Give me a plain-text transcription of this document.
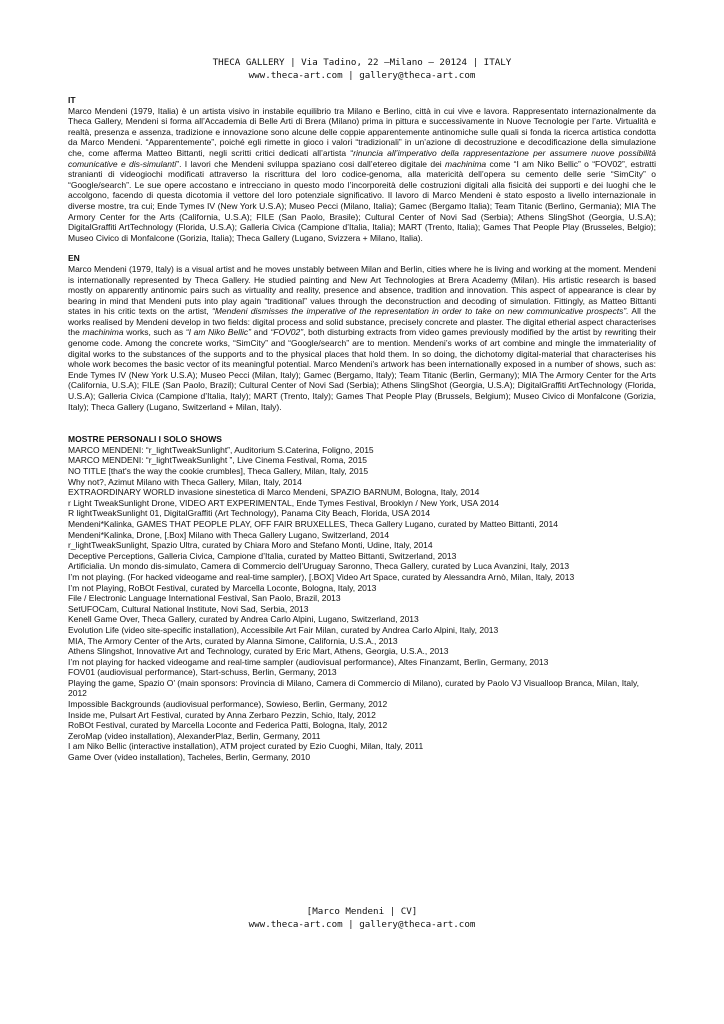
THECA GALLERY | Via Tadino, 22 —Milano — 20124 | ITALY
www.theca-art.com | gallery@theca-art.com
IT

Marco Mendeni (1979, Italia) è un artista visivo in instabile equilibrio tra Milano e Berlino, città in cui vive e lavora. Rappresentato internazionalmente da Theca Gallery, Mendeni si forma all’Accademia di Belle Arti di Brera (Milano) prima in pittura e successivamente in Nuove Tecnologie per l’arte. Virtualità e realtà, presenza e assenza, tradizione e innovazione sono alcune delle coppie apparentemente antinomiche sulle quali si fonda la ricerca artistica condotta da Marco Mendeni. “Apparentemente”, poiché egli rimette in gioco i valori “tradizionali” in un’azione di decostruzione e decodificazione della simulazione che, come afferma Matteo Bittanti, negli scritti critici dedicati all’artista “rinuncia all’imperativo della rappresentazione per assumere nuove possibilità comunicative e dis-simulanti”. I lavori che Mendeni sviluppa spaziano cosi dall’etereo digitale dei machinima come “I am Niko Bellic” o “FOV02”, estratti stranianti di videogiochi modificati attraverso la riscrittura del loro codice-genoma, alla matericità dell’opera su cemento delle serie “SimCity” o “Google/search”. Le sue opere accostano e intrecciano in questo modo l’incorporeità delle costruzioni digitali alla fisicità dei supporti e dei luoghi che le accolgono, facendo di questa dicotomia il vettore del loro potenziale significativo. Il lavoro di Marco Mendeni è stato esposto a livello internazionale in diverse mostre, tra cui; Ende Tymes IV (New York U.S.A); Museo Pecci (Milano, Italia); Gamec (Bergamo Italia); Team Titanic (Berlino, Germania); MIA The Armory Center for the Arts (California, U.S.A); FILE (San Paolo, Brasile); Cultural Center of Novi Sad (Serbia); Athens SlingShot (Georgia, U.S.A); DigitalGraffiti ArtTechnology (Florida, U.S.A); Galleria Civica (Campione d’Italia, Italia); MART (Trento, Italia); Games That People Play (Brusseles, Belgio); Museo Civico di Monfalcone (Gorizia, Italia); Theca Gallery (Lugano, Svizzera + Milano, Italia).

EN

Marco Mendeni (1979, Italy) is a visual artist and he moves unstably between Milan and Berlin, cities where he is living and working at the moment. Mendeni is internationally represented by Theca Gallery. He studied painting and New Art Technologies at Brera Academy (Milan). His artistic research is based mostly on apparently antinomic pairs such as virtuality and reality, presence and absence, tradition and innovation. This aspect of appearance is clear by bearing in mind that Mendeni puts into play again “traditional” values through the deconstruction and decoding of simulation. Fittingly, as Matteo Bittanti states in his critic texts on the artist, “Mendeni dismisses the imperative of the representation in order to take on new communicative prospects”. All the works realised by Mendeni develop in two fields: digital process and solid substance, precisely concrete and plaster. The digital etherial aspect characterises the machinima works, such as “I am Niko Bellic” and “FOV02”, both disturbing extracts from video games previously modified by the artist by rewriting their genome code. Among the concrete works, “SimCity” and “Google/search” are to mention. Mendeni’s works of art combine and mingle the immateriality of digital works to the substances of the supports and to the physical places that hold them. In so doing, the dichotomy digital-material that characterises his whole work becomes the basic vector of its meaningful potential. Marco Mendeni’s artwork has been internationally exposed in a number of shows, such as: Ende Tymes IV (New York U.S.A); Museo Pecci (Milan, Italy); Gamec (Bergamo, Italy); Team Titanic (Berlin, Germany); MIA The Armory Center for the Arts (California, U.S.A); FILE (San Paolo, Brazil); Cultural Center of Novi Sad (Serbia); Athens SlingShot (Georgia, U.S.A); DigitalGraffiti ArtTechnology (Florida, U.S.A); Galleria Civica (Campione d’Italia, Italy); MART (Trento, Italy); Games That People Play (Brussels, Belgium); Museo Civico di Monfalcone (Gorizia, Italy); Theca Gallery (Lugano, Switzerland + Milan, Italy).

MOSTRE PERSONALI I SOLO SHOWS
MARCO MENDENI: “r_lightTweakSunlight”, Auditorium S.Caterina, Foligno, 2015
MARCO MENDENI: “r_lightTweakSunlight ”, Live Cinema Festival, Roma, 2015
NO TITLE [that's the way the cookie crumbles], Theca Gallery, Milan, Italy, 2015
Why not?, Azimut Milano with Theca Gallery, Milan, Italy, 2014
EXTRAORDINARY WORLD invasione sinestetica di Marco Mendeni, SPAZIO BARNUM, Bologna, Italy, 2014
r Light TweakSunlight Drone, VIDEO ART EXPERIMENTAL, Ende Tymes Festival, Brooklyn / New York, USA 2014
R lightTweakSunlight 01, DigitalGraffiti (Art Technology), Panama City Beach, Florida, USA 2014
Mendeni*Kalinka, GAMES THAT PEOPLE PLAY, OFF FAIR BRUXELLES, Theca Gallery Lugano, curated by Matteo Bittanti, 2014
Mendeni*Kalinka, Drone, [.Box] Milano with Theca Gallery Lugano, Switzerland, 2014
r_lightTweakSunlight, Spazio Ultra, curated by Chiara Moro and Stefano Monti, Udine, Italy, 2014
Deceptive Perceptions, Galleria Civica, Campione d’Italia, curated by Matteo Bittanti, Switzerland, 2013
Artificialia. Un mondo dis-simulato, Camera di Commercio dell’Uruguay Saronno, Theca Gallery, curated by Luca Avanzini, Italy, 2013
I’m not playing. (For hacked videogame and real-time sampler), [.BOX] Video Art Space, curated by Alessandra Arnò, Milan, Italy, 2013
I’m not Playing, RoBOt Festival, curated by Marcella Loconte, Bologna, Italy, 2013
File / Electronic Language International Festival, San Paolo, Brazil, 2013
SetUFOCam, Cultural National Institute, Novi Sad, Serbia, 2013
Kenell Game Over, Theca Gallery, curated by Andrea Carlo Alpini, Lugano, Switzerland, 2013
Evolution Life (video site-specific installation), Accessibile Art Fair Milan, curated by Andrea Carlo Alpini, Italy, 2013
MIA, The Armory Center of the Arts, curated by Alanna Simone, California, U.S.A., 2013
Athens Slingshot, Innovative Art and Technology, curated by Eric Mart, Athens, Georgia, U.S.A., 2013
I’m not playing for hacked videogame and real-time sampler (audiovisual performance), Altes Finanzamt, Berlin, Germany, 2013
FOV01 (audiovisual performance), Start-schuss, Berlin, Germany, 2013
Playing the game, Spazio O’ (main sponsors: Provincia di Milano, Camera di Commercio di Milano), curated by Paolo VJ Visualloop Branca, Milan, Italy, 2012
Impossible Backgrounds (audiovisual performance), Sowieso, Berlin, Germany, 2012
Inside me, Pulsart Art Festival, curated by Anna Zerbaro Pezzin, Schio, Italy, 2012
RoBOt Festival, curated by Marcella Loconte and Federica Patti, Bologna, Italy, 2012
ZeroMap (video installation), AlexanderPlaz, Berlin, Germany, 2011
I am Niko Bellic (interactive installation), ATM project curated by Ezio Cuoghi, Milan, Italy, 2011
Game Over (video installation), Tacheles, Berlin, Germany, 2010
[Marco Mendeni | CV]
www.theca-art.com | gallery@theca-art.com
